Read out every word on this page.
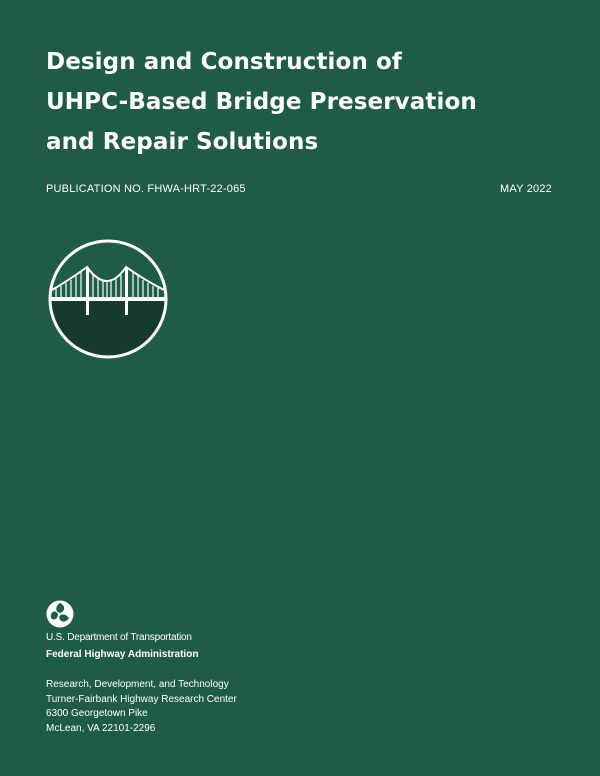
Design and Construction of
UHPC-Based Bridge Preservation
and Repair Solutions
PUBLICATION NO. FHWA-HRT-22-065	MAY 2022
U.S. Department of Transportation
Federal Highway Administration
Research, Development, and Technology
Turner-Fairbank Highway Research Center
6300 Georgetown Pike
McLean, VA 22101-2296
